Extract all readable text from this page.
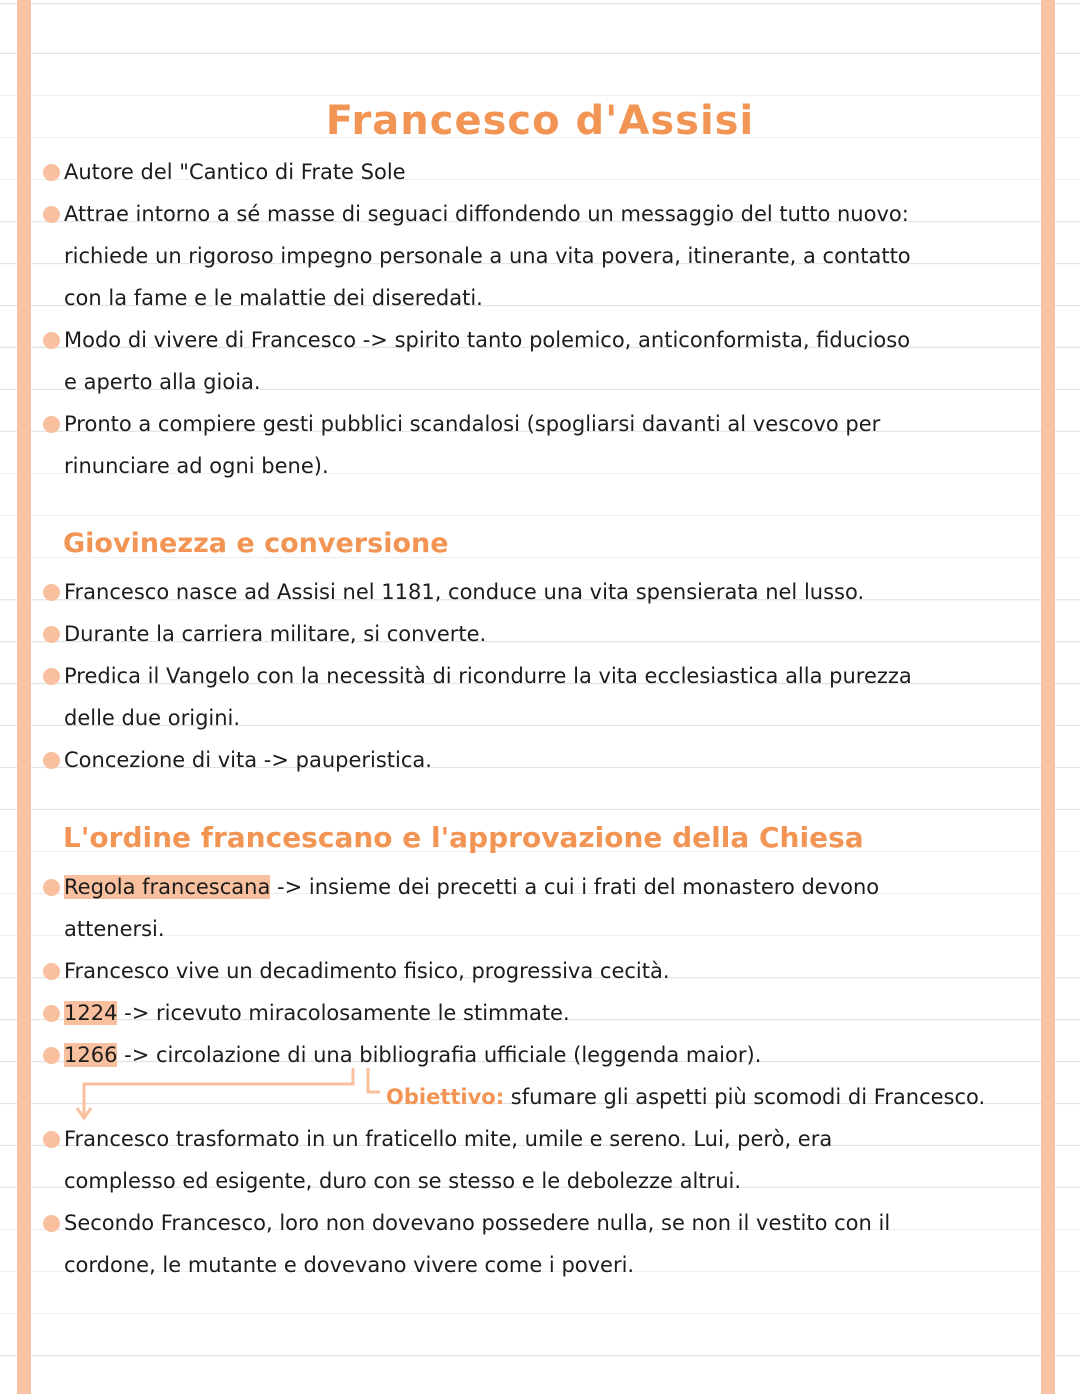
Francesco d'Assisi
Autore del "Cantico di Frate Sole
Attrae intorno a sé masse di seguaci diffondendo un messaggio del tutto nuovo:
richiede un rigoroso impegno personale a una vita povera, itinerante, a contatto
con la fame e le malattie dei diseredati.
Modo di vivere di Francesco -> spirito tanto polemico, anticonformista, fiducioso
e aperto alla gioia.
Pronto a compiere gesti pubblici scandalosi (spogliarsi davanti al vescovo per
rinunciare ad ogni bene).
Giovinezza e conversione
Francesco nasce ad Assisi nel 1181, conduce una vita spensierata nel lusso.
Durante la carriera militare, si converte.
Predica il Vangelo con la necessità di ricondurre la vita ecclesiastica alla purezza
delle due origini.
Concezione di vita -> pauperistica.
L'ordine francescano e l'approvazione della Chiesa
Regola francescana -> insieme dei precetti a cui i frati del monastero devono
attenersi.
Francesco vive un decadimento fisico, progressiva cecità.
1224 -> ricevuto miracolosamente le stimmate.
1266 -> circolazione di una bibliografia ufficiale (leggenda maior).
Obiettivo: sfumare gli aspetti più scomodi di Francesco.
Francesco trasformato in un fraticello mite, umile e sereno. Lui, però, era
complesso ed esigente, duro con se stesso e le debolezze altrui.
Secondo Francesco, loro non dovevano possedere nulla, se non il vestito con il
cordone, le mutante e dovevano vivere come i poveri.
